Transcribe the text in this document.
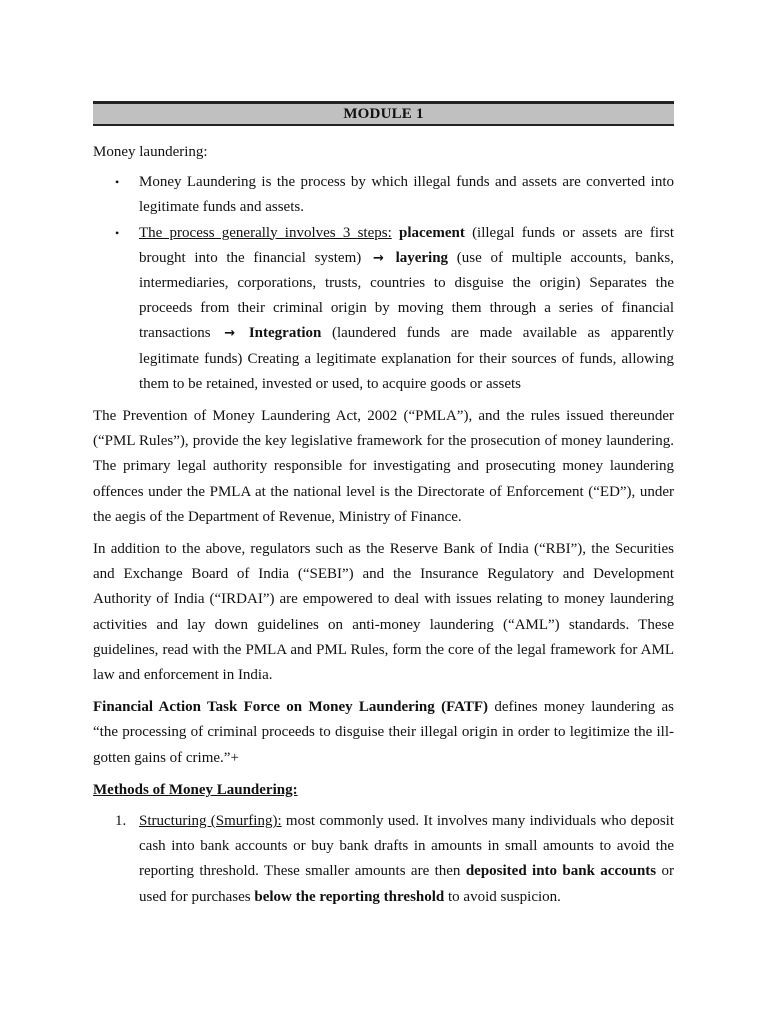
MODULE 1

Money laundering:

• Money Laundering is the process by which illegal funds and assets are converted into legitimate funds and assets.
• The process generally involves 3 steps: placement (illegal funds or assets are first brought into the financial system) → layering (use of multiple accounts, banks, intermediaries, corporations, trusts, countries to disguise the origin) Separates the proceeds from their criminal origin by moving them through a series of financial transactions → Integration (laundered funds are made available as apparently legitimate funds) Creating a legitimate explanation for their sources of funds, allowing them to be retained, invested or used, to acquire goods or assets

The Prevention of Money Laundering Act, 2002 (“PMLA”), and the rules issued thereunder (“PML Rules”), provide the key legislative framework for the prosecution of money laundering. The primary legal authority responsible for investigating and prosecuting money laundering offences under the PMLA at the national level is the Directorate of Enforcement (“ED”), under the aegis of the Department of Revenue, Ministry of Finance.

In addition to the above, regulators such as the Reserve Bank of India (“RBI”), the Securities and Exchange Board of India (“SEBI”) and the Insurance Regulatory and Development Authority of India (“IRDAI”) are empowered to deal with issues relating to money laundering activities and lay down guidelines on anti-money laundering (“AML”) standards. These guidelines, read with the PMLA and PML Rules, form the core of the legal framework for AML law and enforcement in India.

Financial Action Task Force on Money Laundering (FATF) defines money laundering as “the processing of criminal proceeds to disguise their illegal origin in order to legitimize the ill-gotten gains of crime.”+

Methods of Money Laundering:
1. Structuring (Smurfing): most commonly used. It involves many individuals who deposit cash into bank accounts or buy bank drafts in amounts in small amounts to avoid the reporting threshold. These smaller amounts are then deposited into bank accounts or used for purchases below the reporting threshold to avoid suspicion.
